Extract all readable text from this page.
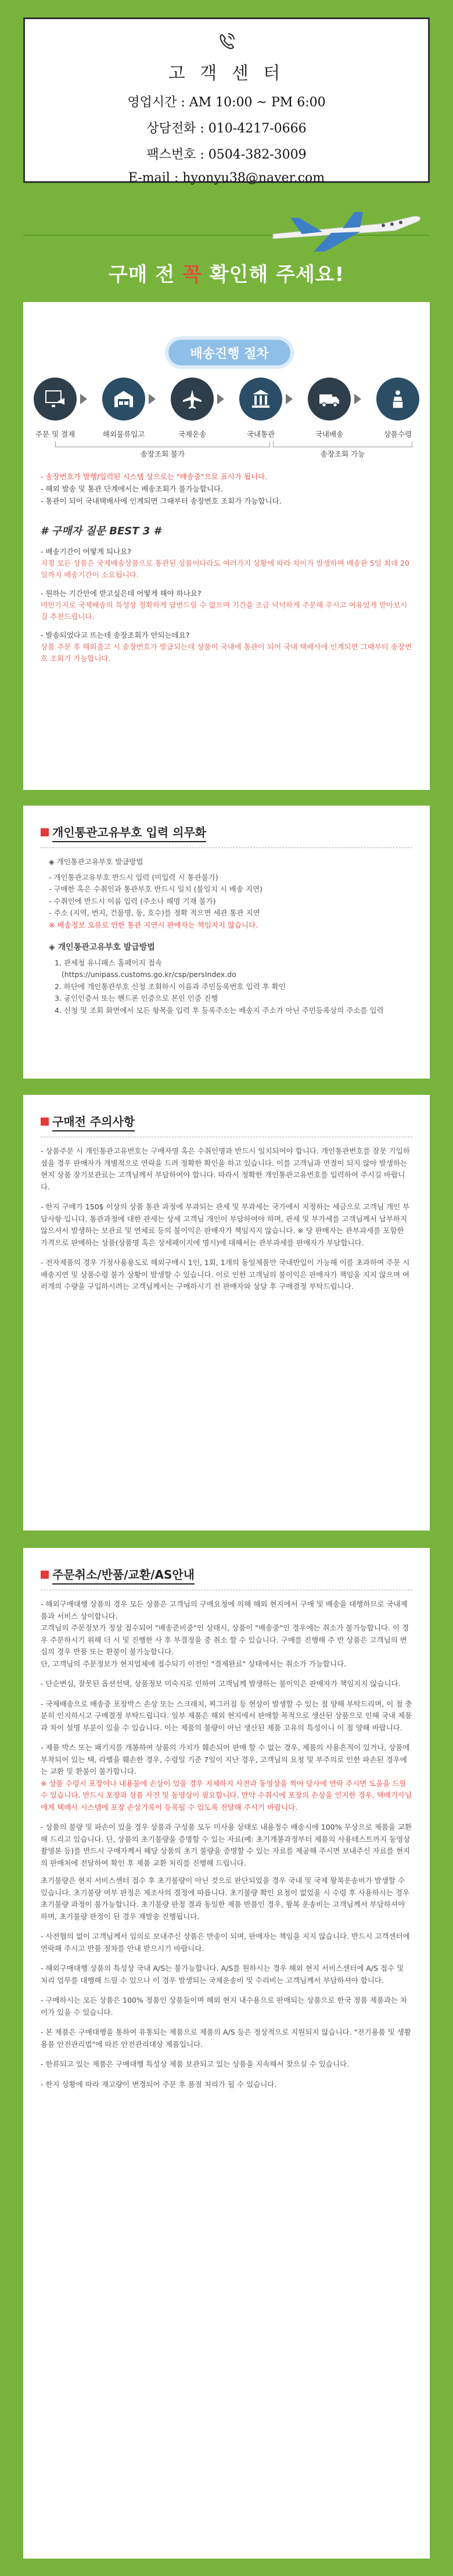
고 객 센 터
영업시간 : AM 10:00 ~ PM 6:00
상담전화 : 010-4217-0666
팩스번호 : 0504-382-3009
E-mail : hyonyu38@naver.com
구매 전 꼭 확인해 주세요!
배송진행 절차
주문 및 결제	해외물류입고	국제운송	국내통관	국내배송	상품수령
송장조회 불가	송장조회 가능
- 송장번호가 발행/입력된 시스템 상으로는 "배송중"으로 표시가 됩니다.
- 해외 발송 및 통관 단계에서는 배송조회가 불가능합니다.
- 통관이 되어 국내택배사에 인계되면 그때부터 송장번호 조회가 가능합니다.
# 구매자 질문 BEST 3 #
- 배송기간이 어떻게 되나요?
지정 모든 상품은 국제배송상품으로 통관된 상품이다라도 여러가지 상황에 따라 차이가 발생하며 배송완 5일 최대 20일까지 배송기간이 소요됩니다.
- 원하는 기간안에 받고싶은데 어떻게 해야 하나요?
미민가지로 국제배송의 특성상 정확하게 답변드릴 수 없으며 기간을 조금 넉넉하게 주문해 주시고 여유있게 받아보시길 추천드립니다.
- 발송되었다고 뜨는데 송장조회가 안되는데요?
상품 주문 후 해외출고 시 송장번호가 발급되는데 상품이 국내에 통관이 되어 국내 택배사에 인계되면 그때부터 송장번호 조회가 가능합니다.
개인통관고유부호 입력 의무화
◈ 개인통관고유부호 발급방법
- 개인통관고유부호 반드시 입력 (미입력 시 통관불가)
- 구매한 혹은 수취인과 통관부호 반드시 일치 (불일치 시 배송 지연)
- 수취인에 반드시 이름 입력 (주소나 해명 기재 불가)
- 주소 (지역, 번지, 건물명, 동, 호수)를 정확 적으면 세관 통관 지연
※ 배송정보 오류로 인한 통관 지연시 판매자는 책임지지 않습니다.
◈ 개인통관고유부호 발급방법
1. 관세청 유니패스 홈페이지 접속
(https://unipass.customs.go.kr/csp/persIndex.do
2. 하단에 개인통관부호 신청 조회하시 이름과 주민등록번호 입력 후 확인
3. 공인인증서 또는 핸드폰 인증으로 본인 인증 진행
4. 신청 및 조회 화면에서 모든 항목을 입력 후 등록주소는 배송지 주소가 아닌 주민등록상의 주소를 입력
구매전 주의사항

- 상품주문 시 개인통관고유번호는 구매자명 혹은 수취인명과 반드시 일치되어야 합니다. 개인통관번호를 잘못 기입하셨을 경우 판매자가 개별적으로 연락을 드려 정확한 확인을 하고 있습니다. 이를 고객님과 연결이 되지 않아 발생하는 현지 상품 장기보관료는 고객님께서 부담하여야 합니다. 따라서 정확한 개인통관고유번호를 입력하여 주시길 바랍니다.

- 한지 구매가 150$ 이상의 상품 통관 과정에 부과되는 관세 및 부과세는 국가에서 지정하는 세금으로 고객님 개인 부담사항 입니다. 통관과정에 대한 관세는 상세 고객님 개인이 부담하여야 하며, 관세 및 부가세를 고객님께서 납부하지 않으셔서 발생하는 보관료 및 연체료 등의 불이익은 판매자가 책임지지 않습니다. ※ 당 판매자는 관부과세를 포함한 가격으로 판매하는 상품(상품명 혹은 상세페이지에 명시)에 대해서는 관부과세를 판매자가 부담합니다.

- 전자제품의 경우 가정사용용도로 해외구매시 1인, 1회, 1개의 동일제품만 국내반입이 가능해 이를 초과하여 주문 시 배송지연 및 상품수령 불가 상황이 발생할 수 있습니다. 이로 인한 고객님의 불이익은 판매자가 책임을 지지 않으며 여러개의 수량을 구입하시려는 고객님께서는 구매하시기 전 판매자와 상담 후 구매결정 부탁드립니다.

주문취소/반품/교환/AS안내

- 해외구매대행 상품의 경우 모든 상품은 고객님의 구매요청에 의해 해외 현지에서 구매 및 배송을 대행하므로 국내제품과 서비스 상이합니다.

고객님의 주문정보가 정상 접수되어 "배송준비중"인 상태시, 상품이 "배송중"인 경우에는 취소가 불가능합니다. 이 경우 주문하시기 위해 더 시 및 진행한 사 후 부결정을 중 취소 할 수 있습니다. 구매를 진행해 주 반 상품은 고객님의 변심의 경우 반품 또는 환불이 불가능합니다.

단, 고객님의 주문정보가 현지업체에 접수되기 이전인 "결제완료" 상태에서는 취소가 가능합니다.

- 단순변심, 잘못된 옵션선택, 상품정보 미숙지로 인하여 고객님께 발생하는 불이익은 판매자가 책임지지 않습니다.

- 국제배송으로 배송중 포장박스 손상 또는 스크래치, 찌그러짐 등 현상이 발생할 수 있는 점 양해 부탁드리며, 이 점 충분히 인지하시고 구매결정 부탁드립니다. 일부 제품은 해외 현지에서 판매할 목적으로 생산된 상품으로 인해 국내 제품과 차이 설명 부분이 있을 수 있습니다. 이는 제품의 불량이 아닌 생산된 제품 고유의 특성이니 이 점 양해 바랍니다.

- 제품 박스 또는 패키지를 개봉하여 상품의 가치가 훼손되어 판매 할 수 없는 경우, 제품의 사용흔적이 있거나, 상품에 부착되어 있는 택, 라벨을 훼손한 경우, 수령일 기준 7일이 지난 경우, 고객님의 요청 및 부주의로 인한 파손된 경우에는 교환 및 환불이 불가합니다.

※ 상품 수령시 포장이나 내용물에 손상이 있을 경우 지체하지 사진과 동영상을 찍어 당사에 연락 주시면 도움을 드릴 수 있습니다. 반드시 포장과 상품 사진 및 동영상이 필요합니다. 만약 수취시에 포장의 손상을 인지한 경우, 택배기사님에게 택배사 시스템에 포장 손상기록이 등록될 수 있도록 전달해 주시기 바랍니다.

- 상품의 불량 및 파손이 있을 경우 상품과 구성품 모두 미사용 상태로 내용정수 배송시에 100% 무상으로 제품을 교환해 드리고 있습니다. 단, 상품의 초기불량을 증명할 수 있는 자료(예: 초기개봉과정부터 제품의 사용테스트까지 동영상 촬영본 등)를 반드시 구매자께서 해당 상품의 초기 불량을 증명할 수 있는 자료를 제공해 주시면 보내주신 자료를 현지의 판매처에 전달하여 확인 후 제품 교환 처리를 진행해 드립니다.

초기불량은 현지 서비스센터 접수 후 초기불량이 아닌 것으로 판단되었을 경우 국내 및 국제 왕복운송비가 발생할 수 있습니다. 초기불량 여부 판정은 제조사의 결정에 따릅니다. 초기불량 확인 요청이 없었을 시 수령 후 사용하시는 경우 초기불량 과정이 불가능합니다. 초기불량 판정 결과 동일한 제품 반품인 경우, 왕복 운송비는 고객님께서 부담하셔야 하며, 초기불량 판정이 된 경우 재발송 진행됩니다.

- 사전협의 없이 고객님께서 임의로 보내주신 상품은 반송이 되며, 판매자는 책임을 지지 않습니다. 반드시 고객센터에 연락해 주시고 반품 절차를 안내 받으시기 바랍니다.

- 해외구매대행 상품의 특성상 국내 A/S는 불가능합니다. A/S를 원하시는 경우 해외 현지 서비스센터에 A/S 접수 및 처리 업무를 대행해 드릴 수 있으나 이 경우 발생되는 국제운송비 및 수리비는 고객님께서 부담하셔야 합니다.

- 구매하시는 모든 상품은 100% 정품인 상품들이며 해외 현지 내수용으로 판매되는 상품으로 한국 정품 제품과는 차이가 있을 수 있습니다.

- 본 제품은 구매대행을 통하여 유통되는 제품으로 제품의 A/S 등은 정상적으로 지원되지 않습니다. "전기용품 및 생활용품 안전관리법"에 따른 안전관리대상 제품입니다.

- 한류되고 있는 제품은 구매대행 특성상 제품 보관되고 있는 상품을 지속해서 찾으실 수 있습니다.

- 한지 상황에 따라 재고량이 변경되어 주문 후 품절 처리가 될 수 있습니다.
